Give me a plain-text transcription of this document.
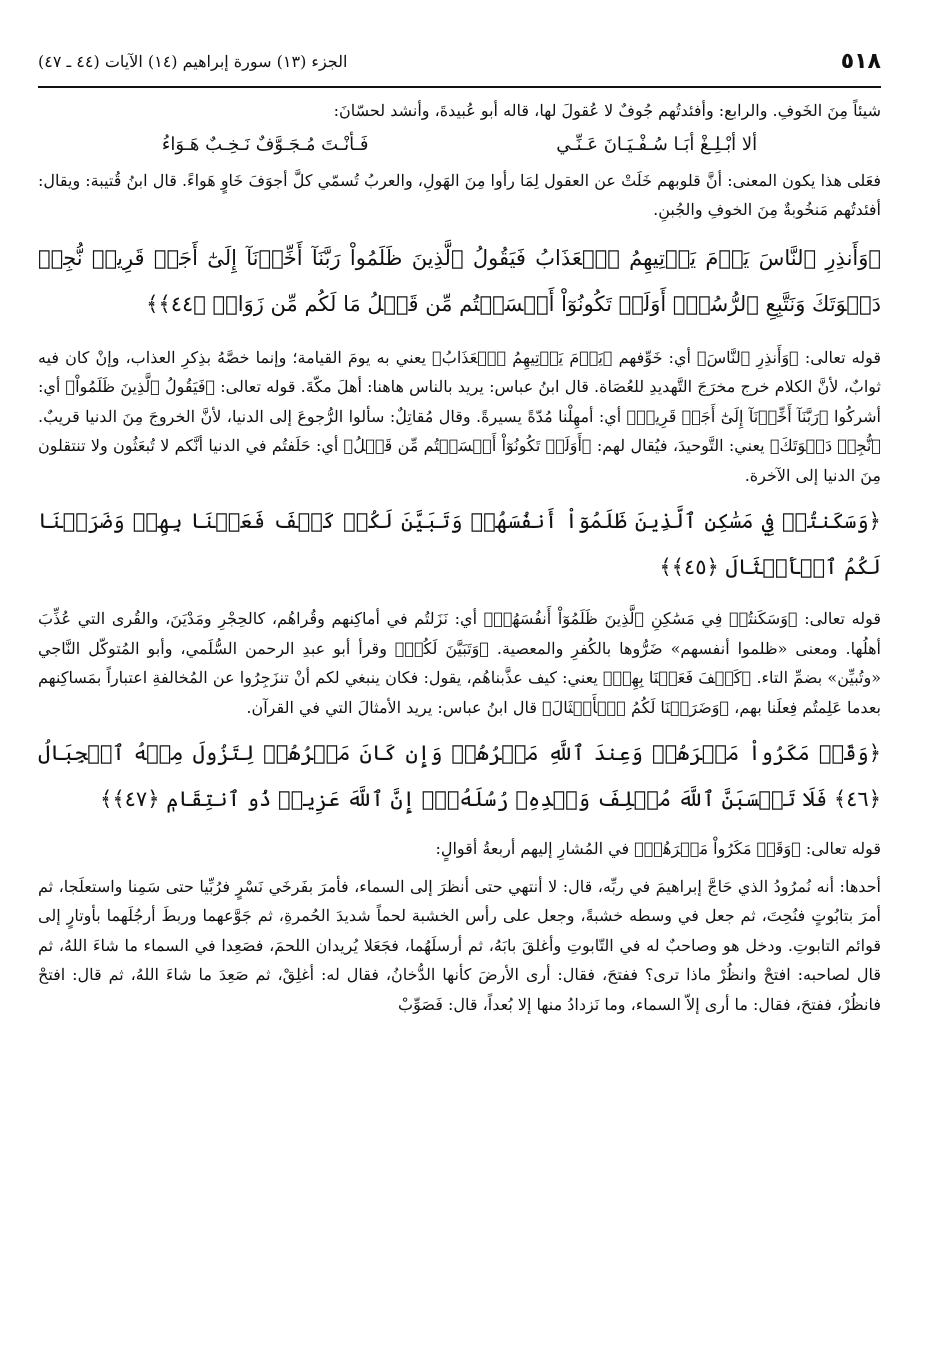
٥١٨
الجزء (١٣) سورة إبراهيم (١٤) الآيات (٤٤ ـ ٤٧)

شيئاً مِنَ الخَوفِ. والرابع: وأفئدتُهم جُوفٌ لا عُقولَ لها، قاله أبو عُبيدةَ، وأنشد لحسّانَ:

ألا أبْـلِـغْ أبَـا سُـفْـيَـانَ عَـنِّـي
فَـأنْـتَ مُـجَـوَّفٌ نَـخِـبٌ هَـوَاءُ

فعَلى هذا يكون المعنى: أنَّ قلوبهم خَلَتْ عن العقول لِمَا رأوا مِنَ الهَولِ، والعربُ تُسمّي كلَّ أجوَفَ خَاوٍ هَواءً. قال ابنُ قُتيبة: ويقال: أفئدتُهم مَنخُوبةٌ مِنَ الخوفِ والجُبنِ.

﴿وَأَنذِرِ ٱلنَّاسَ يَوۡمَ يَأۡتِيهِمُ ٱلۡعَذَابُ فَيَقُولُ ٱلَّذِينَ ظَلَمُواْ رَبَّنَآ أَخِّرۡنَآ إِلَىٰٓ أَجَلٖ قَرِيبٖ نُّجِبۡ دَعۡوَتَكَ وَنَتَّبِعِ ٱلرُّسُلَۗ أَوَلَمۡ تَكُونُوٓاْ أَقۡسَمۡتُم مِّن قَبۡلُ مَا لَكُم مِّن زَوَالٖ ﴿٤٤﴾﴾

قوله تعالى: ﴿وَأَنذِرِ ٱلنَّاسَ﴾ أي: خَوِّفهم ﴿يَوۡمَ يَأۡتِيهِمُ ٱلۡعَذَابُ﴾ يعني به يومَ القيامة؛ وإنما خصَّهُ بذِكرِ العذاب، وإنْ كان فيه ثوابٌ، لأنَّ الكلام خرج مخرَجَ التَّهديدِ للعُصَاة. قال ابنُ عباس: يريد بالناس هاهنا: أهلَ مكّةَ. قوله تعالى: ﴿فَيَقُولُ ٱلَّذِينَ ظَلَمُواْ﴾ أي: أشركُوا ﴿رَبَّنَآ أَخِّرۡنَآ إِلَىٰٓ أَجَلٖ قَرِيبٖ﴾ أي: أمهِلْنا مُدّةً يسيرةً. وقال مُقاتِلٌ: سألوا الرُّجوعَ إلى الدنيا، لأنَّ الخروجَ مِنَ الدنيا قريبٌ. ﴿نُّجِبۡ دَعۡوَتَكَ﴾ يعني: التَّوحيدَ، فيُقال لهم: ﴿أَوَلَمۡ تَكُونُوٓاْ أَقۡسَمۡتُم مِّن قَبۡلُ﴾ أي: حَلَفتُم في الدنيا أنَّكم لا تُبعَثُون ولا تنتقلون مِنَ الدنيا إلى الآخرة.

﴿وَسَكَنتُمۡ فِي مَسَٰكِنِ ٱلَّذِينَ ظَلَمُوٓاْ أَنفُسَهُمۡ وَتَبَيَّنَ لَكُمۡ كَيۡفَ فَعَلۡنَا بِهِمۡ وَضَرَبۡنَا لَكُمُ ٱلۡأَمۡثَالَ ﴿٤٥﴾﴾

قوله تعالى: ﴿وَسَكَنتُمۡ فِي مَسَٰكِنِ ٱلَّذِينَ ظَلَمُوٓاْ أَنفُسَهُمۡ﴾ أي: نَزَلتُم في أماكِنهم وقُراهُم، كالحِجْرِ ومَدْيَنَ، والقُرى التي عُذِّبَ أهلُها. ومعنى «ظلموا أنفسهم» ضَرُّوها بالكُفرِ والمعصية. ﴿وَتَبَيَّنَ لَكُمۡ﴾ وقرأ أبو عبدِ الرحمن السُّلَمي، وأبو المُتوكّل النَّاجي «وتُبيِّن» بضمِّ التاء. ﴿كَيۡفَ فَعَلۡنَا بِهِمۡ﴾ يعني: كيف عذَّبناهُم، يقول: فكان ينبغي لكم أنْ تنزَجِرُوا عن المُخالفةِ اعتباراً بمَساكِنهم بعدما عَلِمتُم فِعلَنا بهم، ﴿وَضَرَبۡنَا لَكُمُ ٱلۡأَمۡثَالَ﴾ قال ابنُ عباس: يريد الأمثالَ التي في القرآن.

﴿وَقَدۡ مَكَرُواْ مَكۡرَهُمۡ وَعِندَ ٱللَّهِ مَكۡرُهُمۡ وَإِن كَانَ مَكۡرُهُمۡ لِتَزُولَ مِنۡهُ ٱلۡجِبَالُ ﴿٤٦﴾ فَلَا تَحۡسَبَنَّ ٱللَّهَ مُخۡلِفَ وَعۡدِهِۦ رُسُلَهُۥٓۚ إِنَّ ٱللَّهَ عَزِيزٞ ذُو ٱنتِقَامٖ ﴿٤٧﴾﴾

قوله تعالى: ﴿وَقَدۡ مَكَرُواْ مَكۡرَهُمۡ﴾ في المُشارِ إليهم أربعةُ أقوالٍ:

أحدها: أنه نُمرُودُ الذي حَاجَّ إبراهيمَ في ربِّه، قال: لا أنتهي حتى أنظرَ إلى السماء، فأمرَ بفَرخَي نَسْرٍ فرُبِّيا حتى سَمِنا واستعلَجا، ثم أمرَ بتابُوتٍ فنُحِتَ، ثم جعل في وسطه خشبةً، وجعل على رأس الخشبة لحماً شديدَ الحُمرةِ، ثم جَوَّعهما وربطَ أرجُلَهما بأوتارٍ إلى قوائم التابوتِ. ودخل هو وصاحبٌ له في التّابوتِ وأغلقَ بابَهُ، ثم أرسلَهُما، فجَعَلا يُريدان اللحمَ، فصَعِدا في السماء ما شاءَ اللهُ، ثم قال لصاحبه: افتحْ وانظُرْ ماذا ترى؟ ففتحَ، فقال: أرى الأرضَ كأنها الدُّخانُ، فقال له: أغلِقْ، ثم صَعِدَ ما شاءَ اللهُ، ثم قال: افتحْ فانظُرْ، ففتحَ، فقال: ما أرى إلاّ السماء، وما نَزدادُ منها إلا بُعداً، قال: فَصَوِّبْ
